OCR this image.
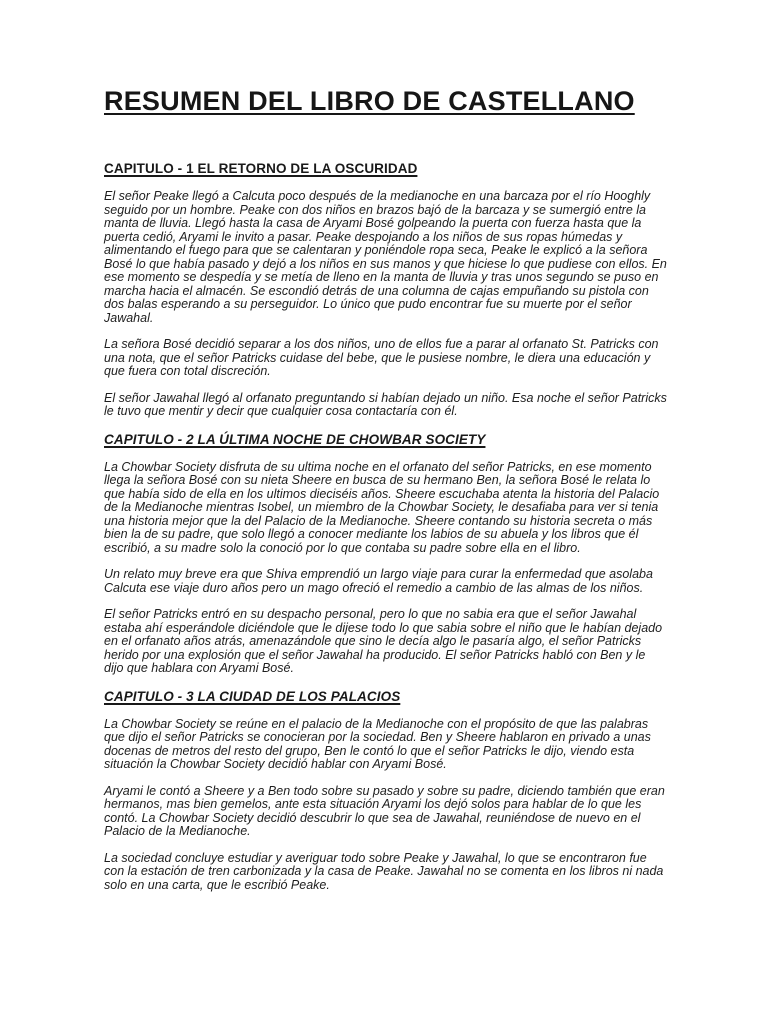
RESUMEN DEL LIBRO DE CASTELLANO
CAPITULO - 1 EL RETORNO DE LA OSCURIDAD

El señor Peake llegó a Calcuta poco después de la medianoche en una barcaza por el río Hooghly seguido por un hombre. Peake con dos niños en brazos bajó de la barcaza y se sumergió entre la manta de lluvia. Llegó hasta la casa de Aryami Bosé golpeando la puerta con fuerza hasta que la puerta cedió, Aryami le invito a pasar. Peake despojando a los niños de sus ropas húmedas y alimentando el fuego para que se calentaran y poniéndole ropa seca, Peake le explicó a la señora Bosé lo que había pasado y dejó a los niños en sus manos y que hiciese lo que pudiese con ellos. En ese momento se despedía y se metía de lleno en la manta de lluvia y tras unos segundo se puso en marcha hacia el almacén. Se escondió detrás de una columna de cajas empuñando su pistola con dos balas esperando a su perseguidor. Lo único que pudo encontrar fue su muerte por el señor Jawahal.

La señora Bosé decidió separar a los dos niños, uno de ellos fue a parar al orfanato St. Patricks con una nota, que el señor Patricks cuidase del bebe, que le pusiese nombre, le diera una educación y que fuera con total discreción.

El señor Jawahal llegó al orfanato preguntando si habían dejado un niño. Esa noche el señor Patricks le tuvo que mentir y decir que cualquier cosa contactaría con él.

CAPITULO - 2 LA ÚLTIMA NOCHE DE CHOWBAR SOCIETY

La Chowbar Society disfruta de su ultima noche en el orfanato del señor Patricks, en ese momento llega la señora Bosé con su nieta Sheere en busca de su hermano Ben, la señora Bosé le relata lo que había sido de ella en los ultimos dieciséis años. Sheere escuchaba atenta la historia del Palacio de la Medianoche mientras Isobel, un miembro de la Chowbar Society, le desafiaba para ver si tenia una historia mejor que la del Palacio de la Medianoche. Sheere contando su historia secreta o más bien la de su padre, que solo llegó a conocer mediante los labios de su abuela y los libros que él escribió, a su madre solo la conoció por lo que contaba su padre sobre ella en el libro.

Un relato muy breve era que Shiva emprendió un largo viaje para curar la enfermedad que asolaba Calcuta ese viaje duro años pero un mago ofreció el remedio a cambio de las almas de los niños.

El señor Patricks entró en su despacho personal, pero lo que no sabia era que el señor Jawahal estaba ahí esperándole diciéndole que le dijese todo lo que sabia sobre el niño que le habían dejado en el orfanato años atrás, amenazándole que sino le decía algo le pasaría algo, el señor Patricks herido por una explosión que el señor Jawahal ha producido. El señor Patricks habló con Ben y le dijo que hablara con Aryami Bosé.

CAPITULO - 3 LA CIUDAD DE LOS PALACIOS

La Chowbar Society se reúne en el palacio de la Medianoche con el propósito de que las palabras que dijo el señor Patricks se conocieran por la sociedad. Ben y Sheere hablaron en privado a unas docenas de metros del resto del grupo, Ben le contó lo que el señor Patricks le dijo, viendo esta situación la Chowbar Society decidió hablar con Aryami Bosé.

Aryami le contó a Sheere y a Ben todo sobre su pasado y sobre su padre, diciendo también que eran hermanos, mas bien gemelos, ante esta situación Aryami los dejó solos para hablar de lo que les contó. La Chowbar Society decidió descubrir lo que sea de Jawahal, reuniéndose de nuevo en el Palacio de la Medianoche.

La sociedad concluye estudiar y averiguar todo sobre Peake y Jawahal, lo que se encontraron fue con la estación de tren carbonizada y la casa de Peake. Jawahal no se comenta en los libros ni nada solo en una carta, que le escribió Peake.
